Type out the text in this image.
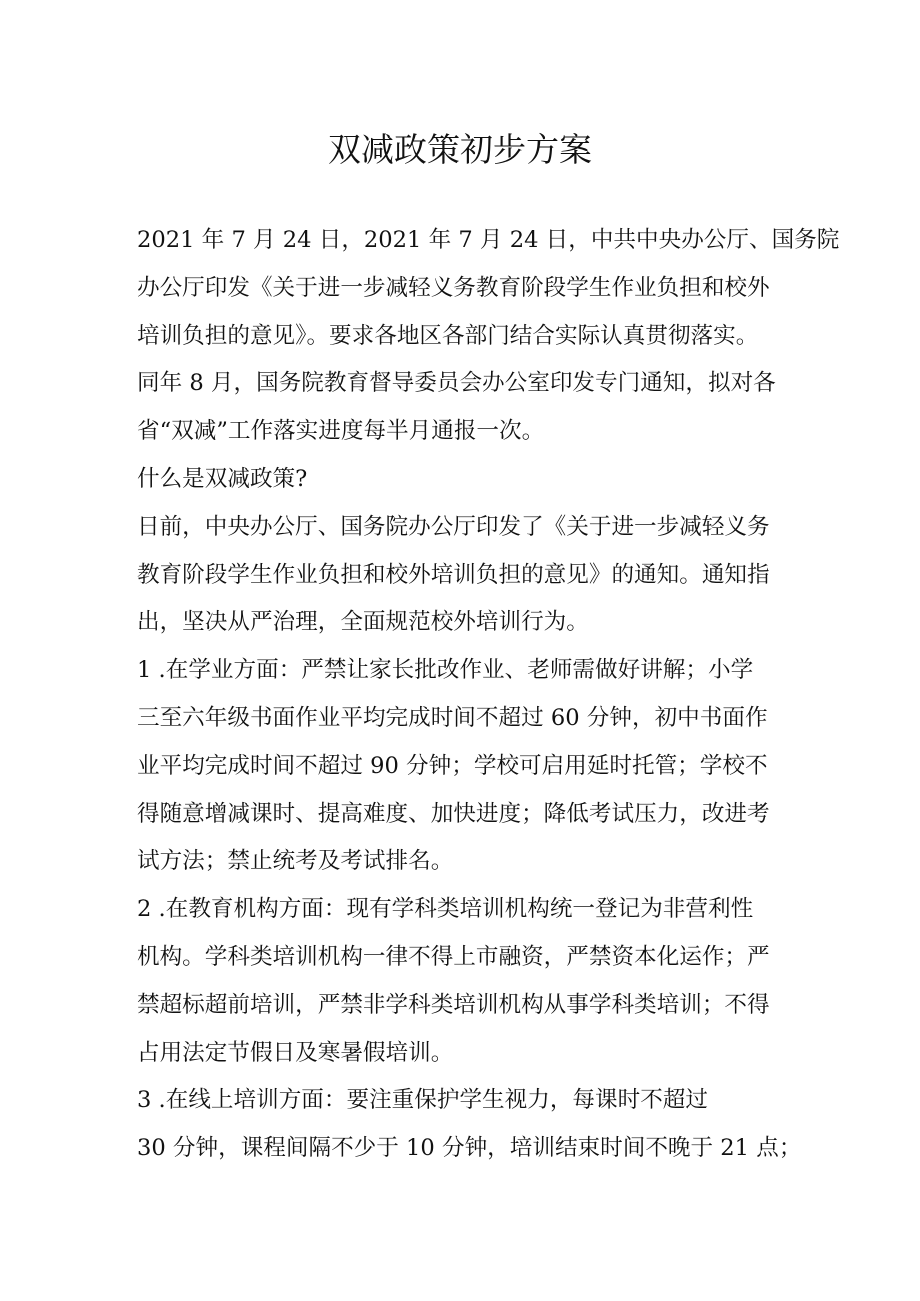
双减政策初步方案
2021 年 7 月 24 日，2021 年 7 月 24 日，中共中央办公厅、国务院
办公厅印发《关于进一步减轻义务教育阶段学生作业负担和校外
培训负担的意见》。要求各地区各部门结合实际认真贯彻落实。
同年 8 月，国务院教育督导委员会办公室印发专门通知，拟对各
省“双减”工作落实进度每半月通报一次。
什么是双减政策?
日前，中央办公厅、国务院办公厅印发了《关于进一步减轻义务
教育阶段学生作业负担和校外培训负担的意见》的通知。通知指
出，坚决从严治理，全面规范校外培训行为。
1 .在学业方面：严禁让家长批改作业、老师需做好讲解；小学
三至六年级书面作业平均完成时间不超过 60 分钟，初中书面作
业平均完成时间不超过 90 分钟；学校可启用延时托管；学校不
得随意增减课时、提高难度、加快进度；降低考试压力，改进考
试方法；禁止统考及考试排名。
2 .在教育机构方面：现有学科类培训机构统一登记为非营利性
机构。学科类培训机构一律不得上市融资，严禁资本化运作；严
禁超标超前培训，严禁非学科类培训机构从事学科类培训；不得
占用法定节假日及寒暑假培训。
3 .在线上培训方面：要注重保护学生视力，每课时不超过
30 分钟，课程间隔不少于 10 分钟，培训结束时间不晚于 21 点；
